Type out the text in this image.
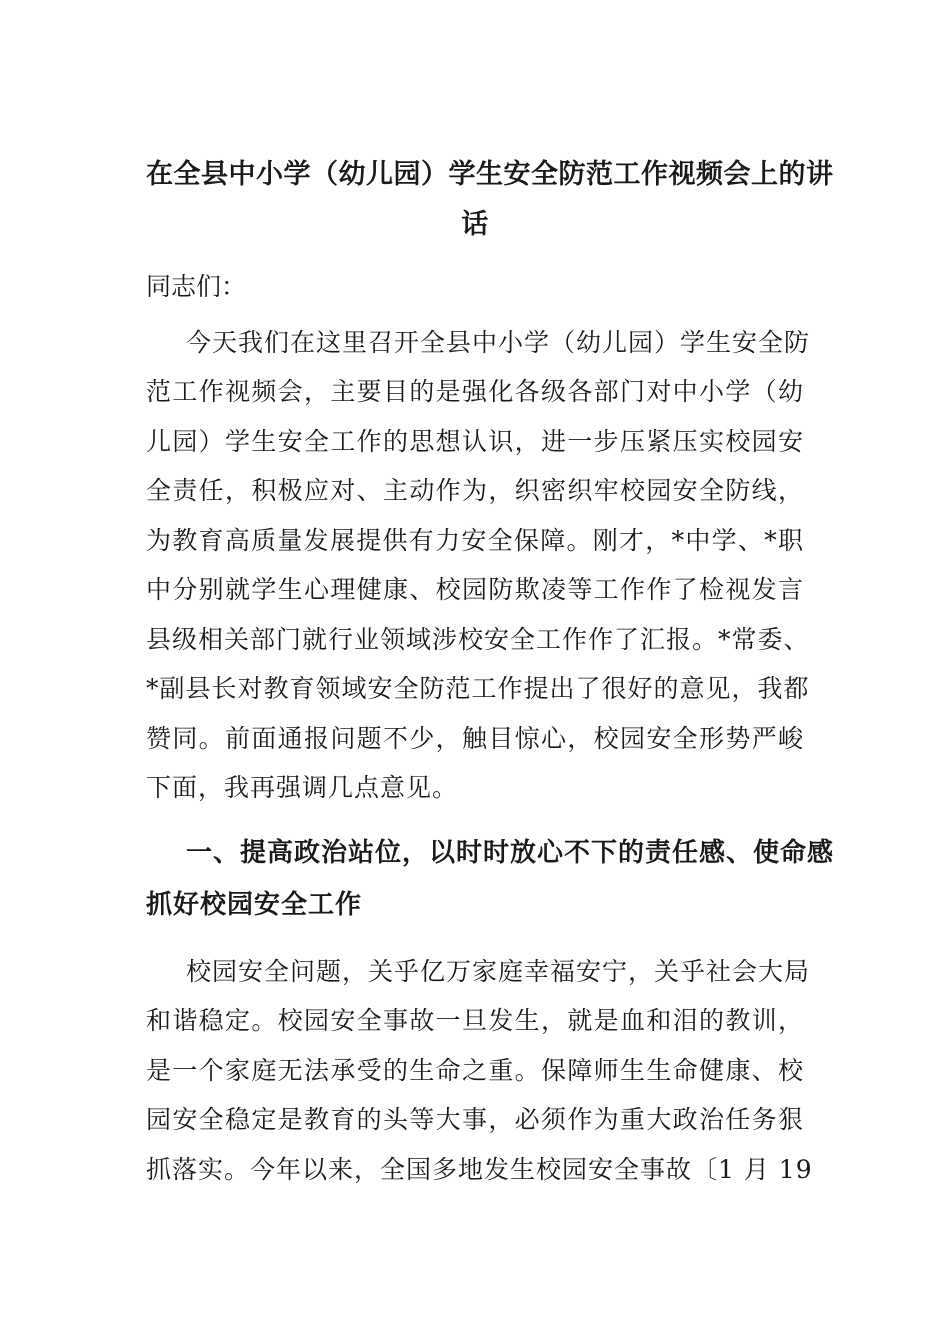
在全县中小学（幼儿园）学生安全防范工作视频会上的讲
话

同志们：

今天我们在这里召开全县中小学（幼儿园）学生安全防
范工作视频会，主要目的是强化各级各部门对中小学（幼
儿园）学生安全工作的思想认识，进一步压紧压实校园安
全责任，积极应对、主动作为，织密织牢校园安全防线，
为教育高质量发展提供有力安全保障。刚才，*中学、*职
中分别就学生心理健康、校园防欺凌等工作作了检视发言
县级相关部门就行业领域涉校安全工作作了汇报。*常委、
*副县长对教育领域安全防范工作提出了很好的意见，我都
赞同。前面通报问题不少，触目惊心，校园安全形势严峻
下面，我再强调几点意见。

一、提高政治站位，以时时放心不下的责任感、使命感
抓好校园安全工作

校园安全问题，关乎亿万家庭幸福安宁，关乎社会大局
和谐稳定。校园安全事故一旦发生，就是血和泪的教训，
是一个家庭无法承受的生命之重。保障师生生命健康、校
园安全稳定是教育的头等大事，必须作为重大政治任务狠
抓落实。今年以来，全国多地发生校园安全事故〔1 月 19
